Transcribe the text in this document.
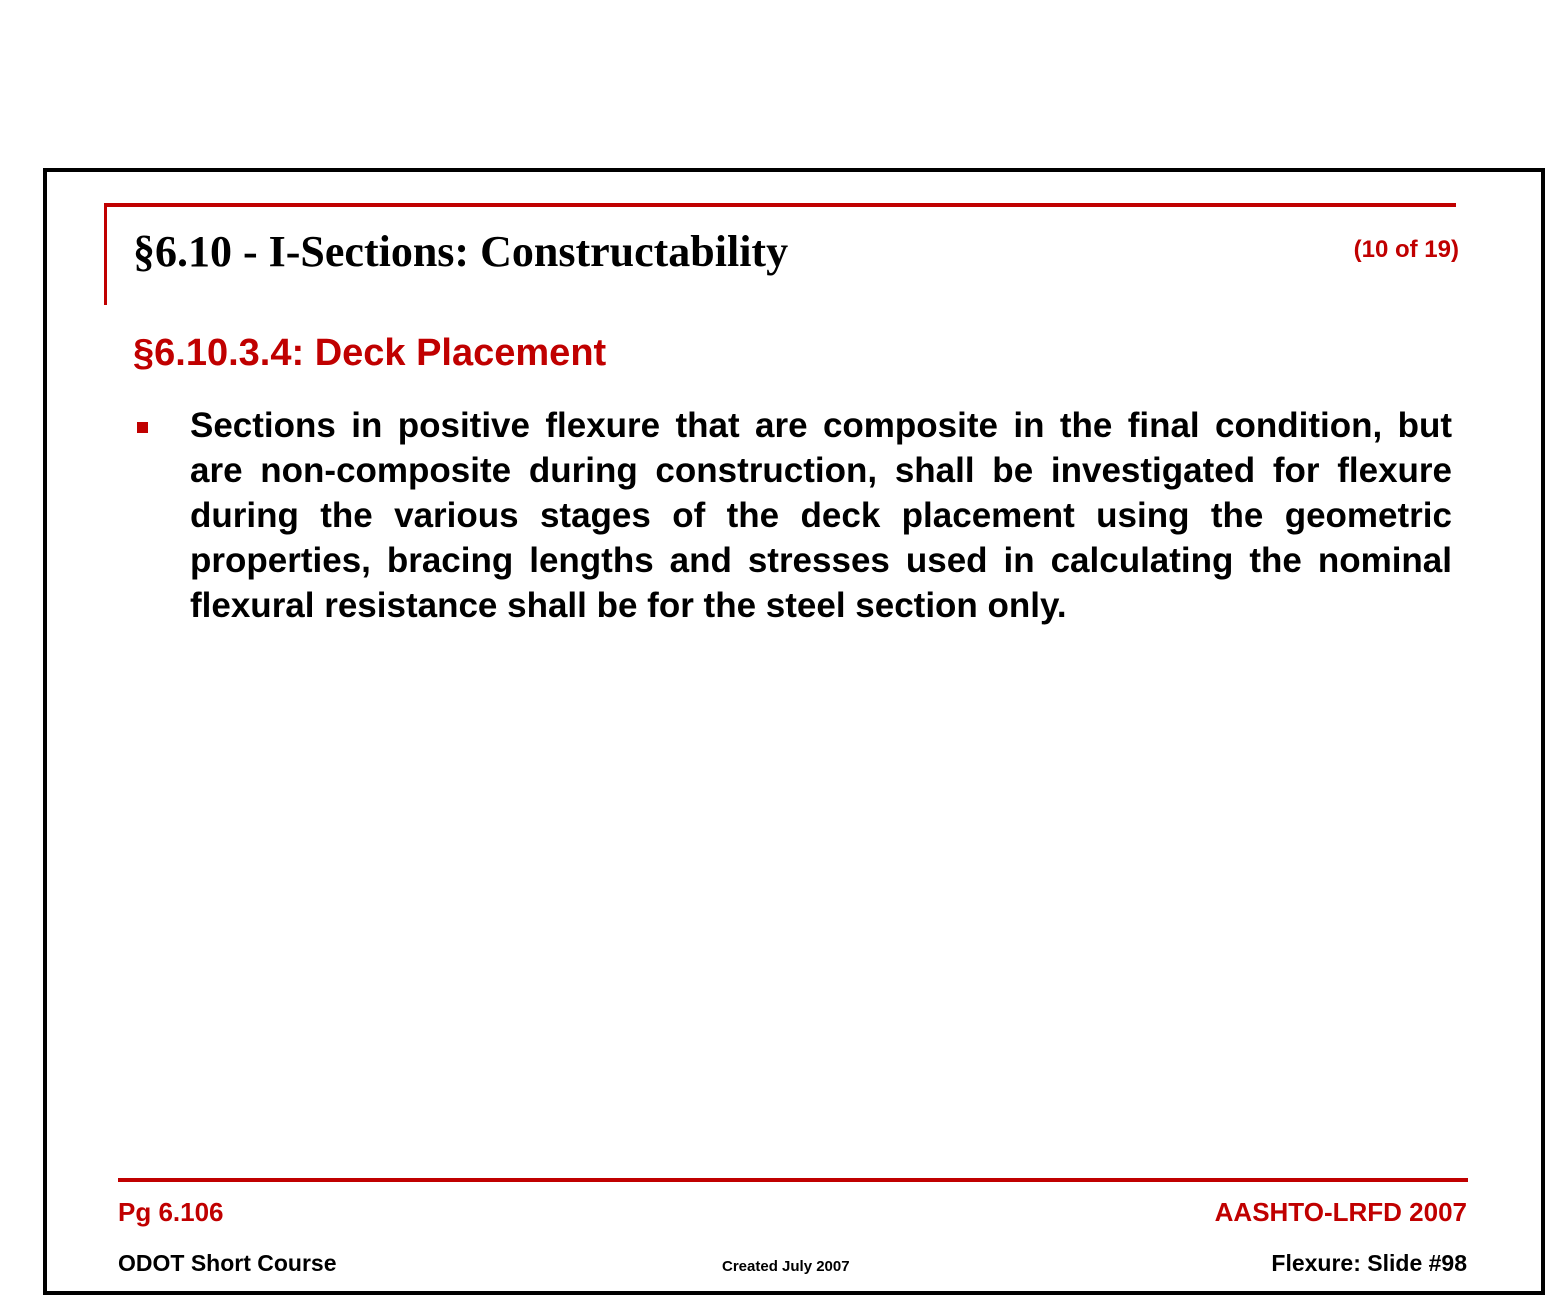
§6.10 - I-Sections: Constructability	(10 of 19)
§6.10.3.4: Deck Placement

Sections in positive flexure that are composite in the final condition, but are non-composite during construction, shall be investigated for flexure during the various stages of the deck placement using the geometric properties, bracing lengths and stresses used in calculating the nominal flexural resistance shall be for the steel section only.

Pg 6.106	AASHTO-LRFD 2007
ODOT Short Course	Created July 2007	Flexure: Slide #98
